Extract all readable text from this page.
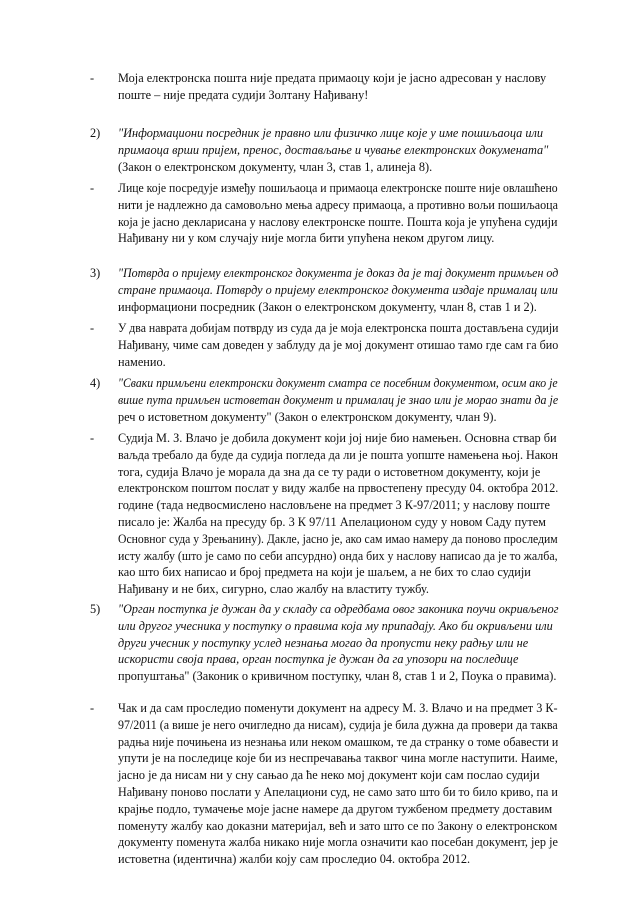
- Моја електронска пошта није предата примаоцу који је јасно адресован у наслову
поште – није предата судији Золтану Нађивану!
2) "Информациони посредник је правно или физичко лице које у име пошиљаоца или
примаоца врши пријем, пренос, достављање и чување електронских докумената"
(Закон о електронском документу, члан 3, став 1, алинеја 8).
- Лице које посредује између пошиљаоца и примаоца електронске поште није овлашћено
нити је надлежно да самовољно мења адресу примаоца, а противно вољи пошиљаоца
која је јасно декларисана у наслову електронске поште. Пошта која је упућена судији
Нађивану ни у ком случају није могла бити упућена неком другом лицу.
3) "Потврда о пријему електронског документа је доказ да је тај документ примљен од
стране примаоца. Потврду о пријему електронског документа издаје прималац или
информациони посредник (Закон о електронском документу, члан 8, став 1 и 2).
- У два наврата добијам потврду из суда да је моја електронска пошта достављена судији
Нађивану, чиме сам доведен у заблуду да је мој документ отишао тамо где сам га био
наменио.
4) "Сваки примљени електронски документ сматра се посебним документом, осим ако је
више пута примљен истоветан документ и прималац је знао или је морао знати да је
реч о истоветном документу" (Закон о електронском документу, члан 9).
- Судија М. З. Влачо је добила документ који јој није био намењен. Основна ствар би
ваљда требало да буде да судија погледа да ли је пошта уопште намењена њој. Након
тога, судија Влачо је морала да зна да се ту ради о истоветном документу, који је
електронском поштом послат у виду жалбе на првостепену пресуду 04. октобра 2012.
године (тада недвосмислено насловљене на предмет 3 К-97/2011; у наслову поште
писало је: Жалба на пресуду бр. 3 К 97/11 Апелационом суду у новом Саду путем
Основног суда у Зрењанину). Дакле, јасно је, ако сам имао намеру да поново проследим
исту жалбу (што је само по себи апсурдно) онда бих у наслову написао да је то жалба,
као што бих написао и број предмета на који је шаљем, а не бих то слао судији
Нађивану и не бих, сигурно, слао жалбу на властиту тужбу.
5) "Орган поступка је дужан да у складу са одредбама овог законика поучи окривљеног
или другог учесника у поступку о правима која му припадају. Ако би окривљени или
други учесник у поступку услед незнања могао да пропусти неку радњу или не
искористи своја права, орган поступка је дужан да га упозори на последице
пропуштања" (Законик о кривичном поступку, члан 8, став 1 и 2, Поука о правима).
- Чак и да сам проследио поменути документ на адресу М. З. Влачо и на предмет 3 К-
97/2011 (а више је него очигледно да нисам), судија је била дужна да провери да таква
радња није почињена из незнања или неком омашком, те да странку о томе обавести и
упути је на последице које би из неспречавања таквог чина могле наступити. Наиме,
јасно је да нисам ни у сну сањао да ће неко мој документ који сам послао судији
Нађивану поново послати у Апелациони суд, не само зато што би то било криво, па и
крајње подло, тумачење моје јасне намере да другом тужбеном предмету доставим
поменуту жалбу као доказни материјал, већ и зато што се по Закону о електронском
документу поменута жалба никако није могла означити као посебан документ, јер је
истоветна (идентична) жалби коју сам проследио 04. октобра 2012.
